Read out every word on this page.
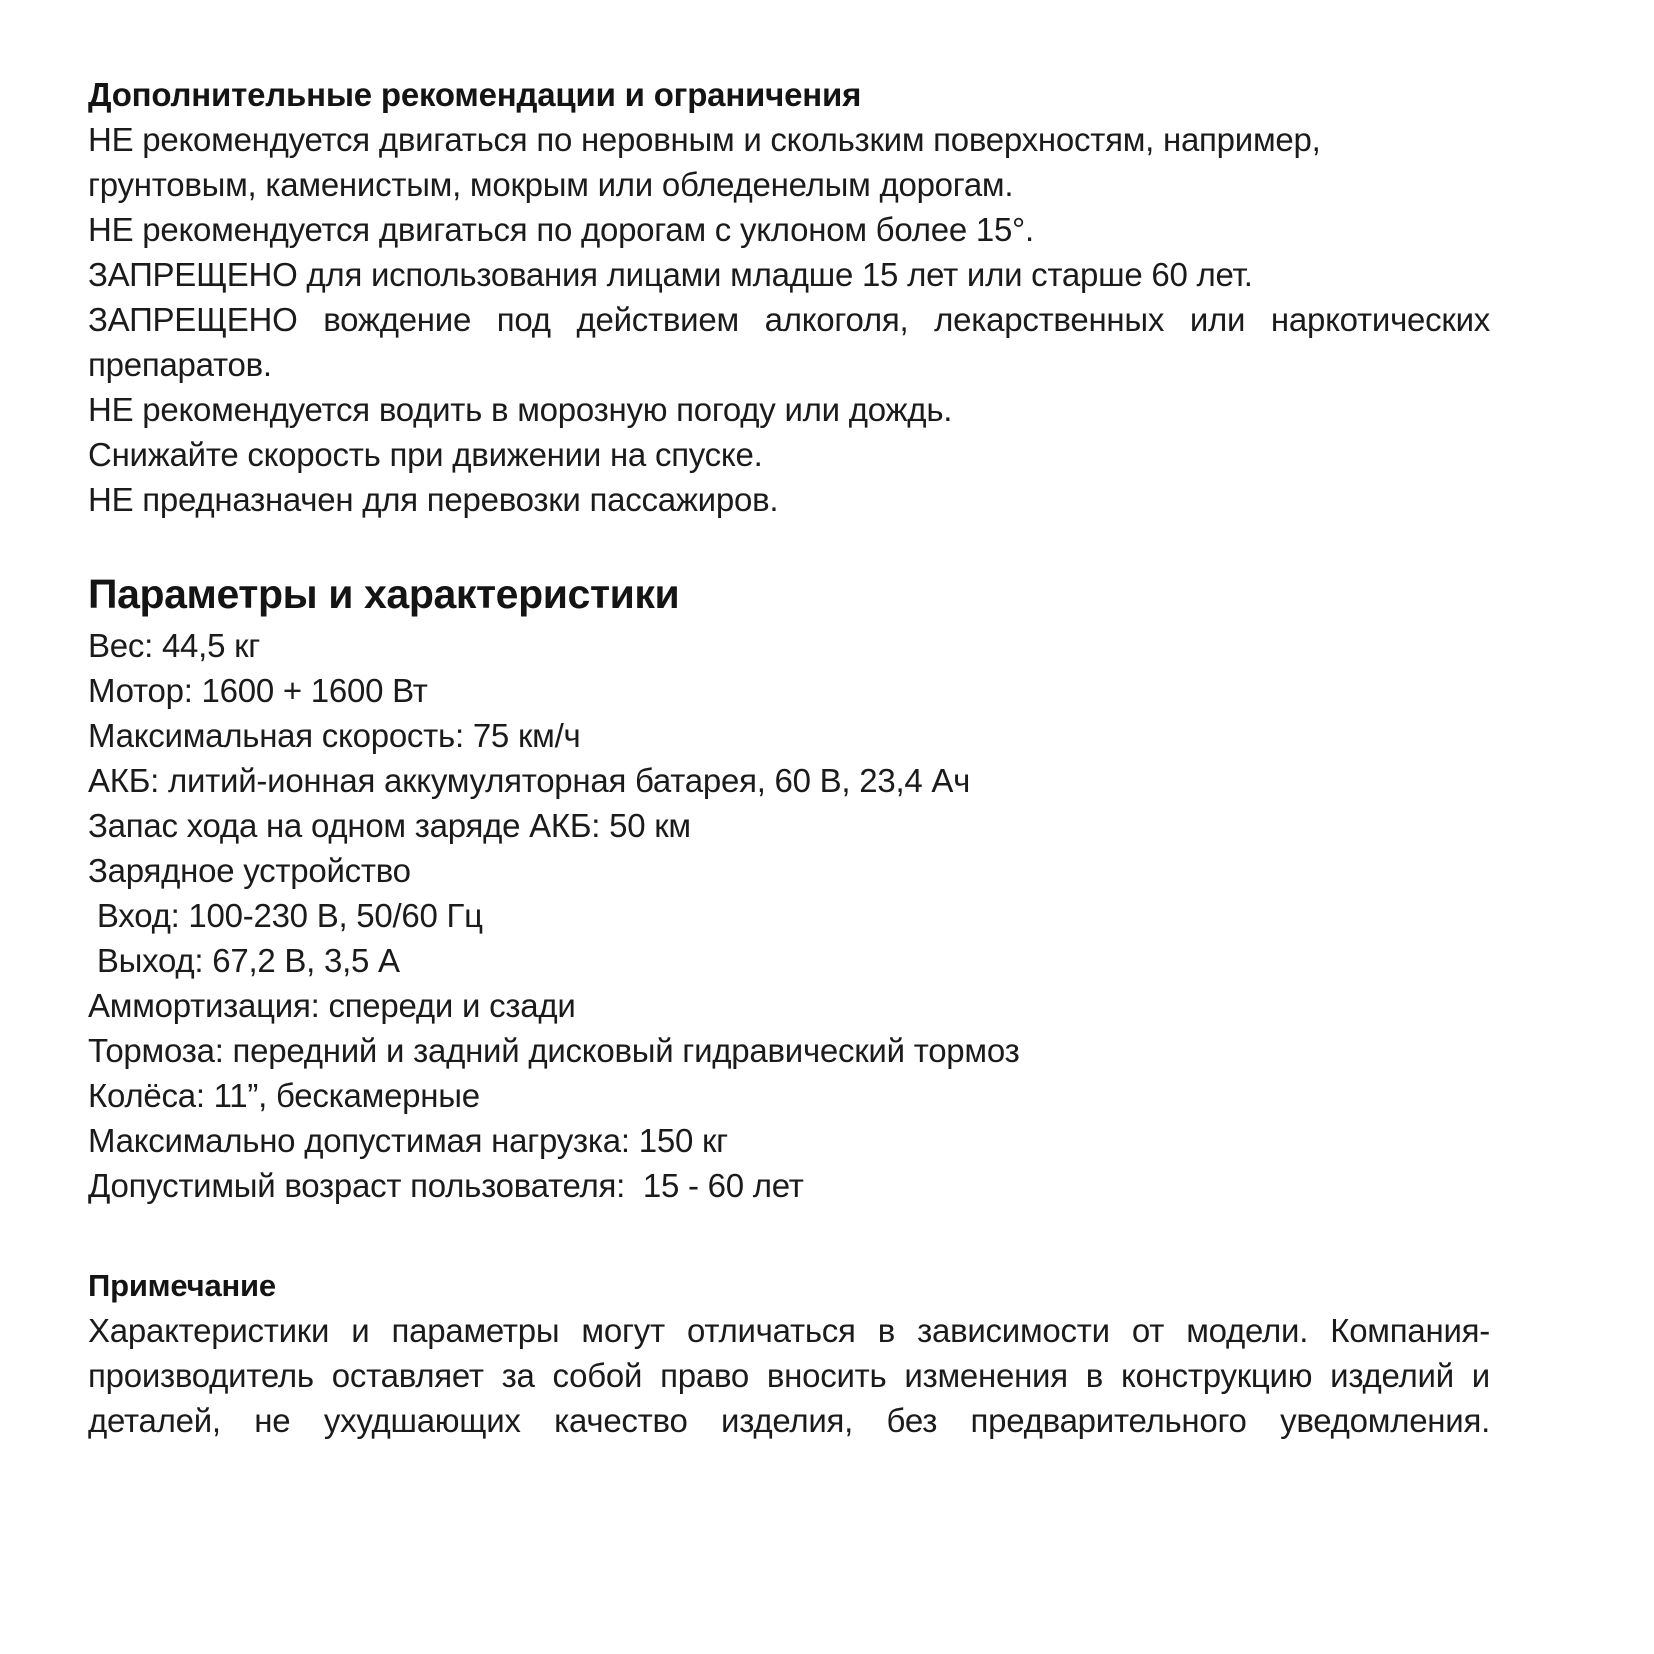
Дополнительные рекомендации и ограничения

НЕ рекомендуется двигаться по неровным и скользким поверхностям, например, грунтовым, каменистым, мокрым или обледенелым дорогам.

НЕ рекомендуется двигаться по дорогам с уклоном более 15°.

ЗАПРЕЩЕНО для использования лицами младше 15 лет или старше 60 лет.

ЗАПРЕЩЕНО вождение под действием алкоголя, лекарственных или наркотических препаратов.

НЕ рекомендуется водить в морозную погоду или дождь.

Снижайте скорость при движении на спуске.

НЕ предназначен для перевозки пассажиров.

Параметры и характеристики

Вес: 44,5 кг

Мотор: 1600 + 1600 Вт

Максимальная скорость: 75 км/ч

АКБ: литий-ионная аккумуляторная батарея, 60 В, 23,4 Ач

Запас хода на одном заряде АКБ: 50 км

Зарядное устройство

Вход: 100-230 В, 50/60 Гц

Выход: 67,2 В, 3,5 А

Аммортизация: спереди и сзади

Тормоза: передний и задний дисковый гидравический тормоз

Колёса: 11”, бескамерные

Максимально допустимая нагрузка: 150 кг

Допустимый возраст пользователя:  15 - 60 лет

Примечание

Характеристики и параметры могут отличаться в зависимости от модели. Компания-производитель оставляет за собой право вносить изменения в конструкцию изделий и деталей, не ухудшающих качество изделия, без предварительного уведомления.
